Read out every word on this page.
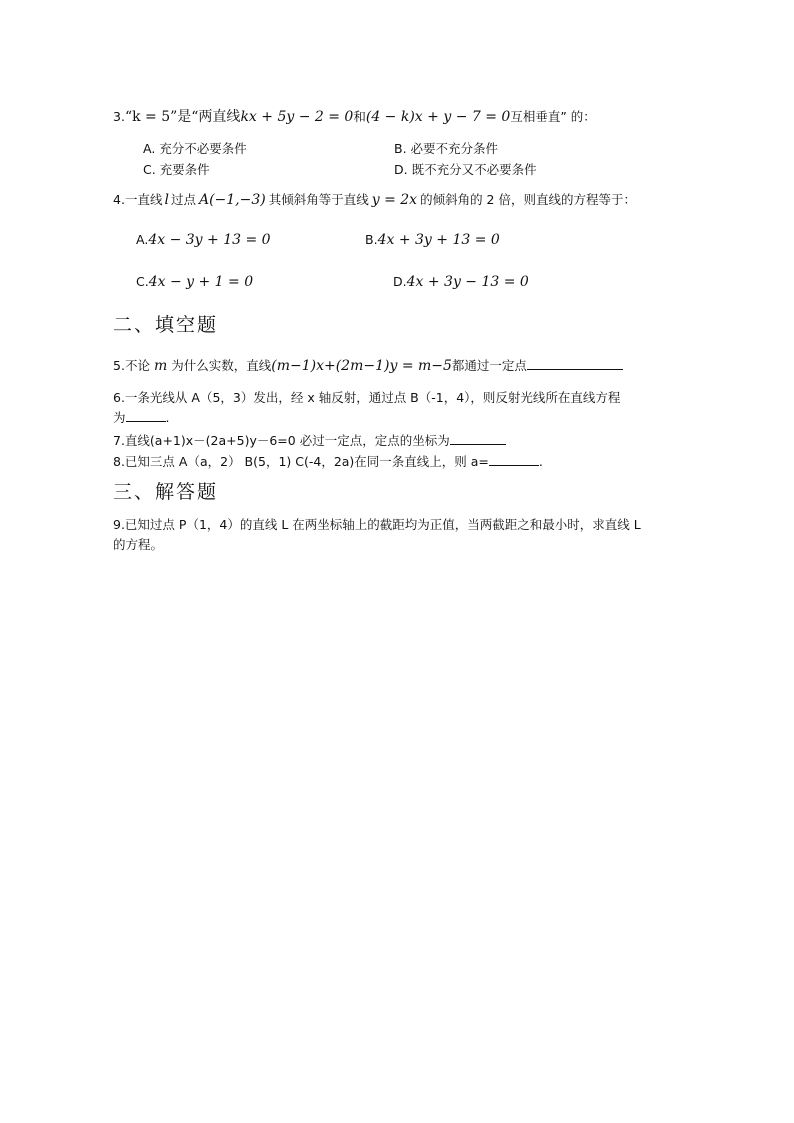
3.“k = 5”是“两直线kx + 5y − 2 = 0和(4 − k)x + y − 7 = 0互相垂直” 的：
A. 充分不必要条件	B. 必要不充分条件
C. 充要条件	D. 既不充分又不必要条件
4.一直线 l 过点 A(−1,−3) 其倾斜角等于直线 y = 2x 的倾斜角的 2 倍，则直线的方程等于：
A.4x − 3y + 13 = 0	B.4x + 3y + 13 = 0
C.4x − y + 1 = 0	D.4x + 3y − 13 = 0
二、填空题
5.不论 m 为什么实数，直线(m−1)x+(2m−1)y = m−5都通过一定点
6.一条光线从 A（5，3）发出，经 x 轴反射，通过点 B（-1，4），则反射光线所在直线方程
为	.
7.直线(a+1)x－(2a+5)y－6=0 必过一定点，定点的坐标为
8.已知三点 A（a，2） B(5，1) C(-4，2a)在同一条直线上，则 a=	.
三、解答题
9.已知过点 P（1，4）的直线 L 在两坐标轴上的截距均为正值，当两截距之和最小时，求直线 L
的方程。
